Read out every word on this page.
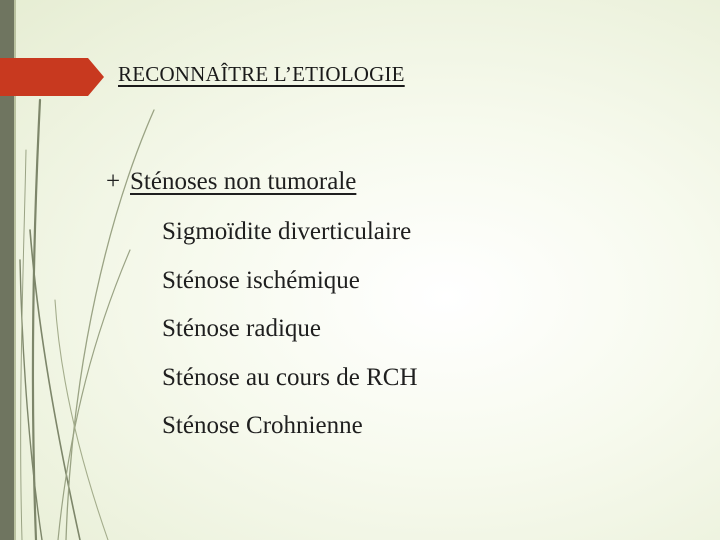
RECONNAÎTRE L’ETIOLOGIE
+ Sténoses non tumorale
Sigmoïdite diverticulaire
Sténose ischémique
Sténose radique
Sténose au cours de RCH
Sténose Crohnienne
